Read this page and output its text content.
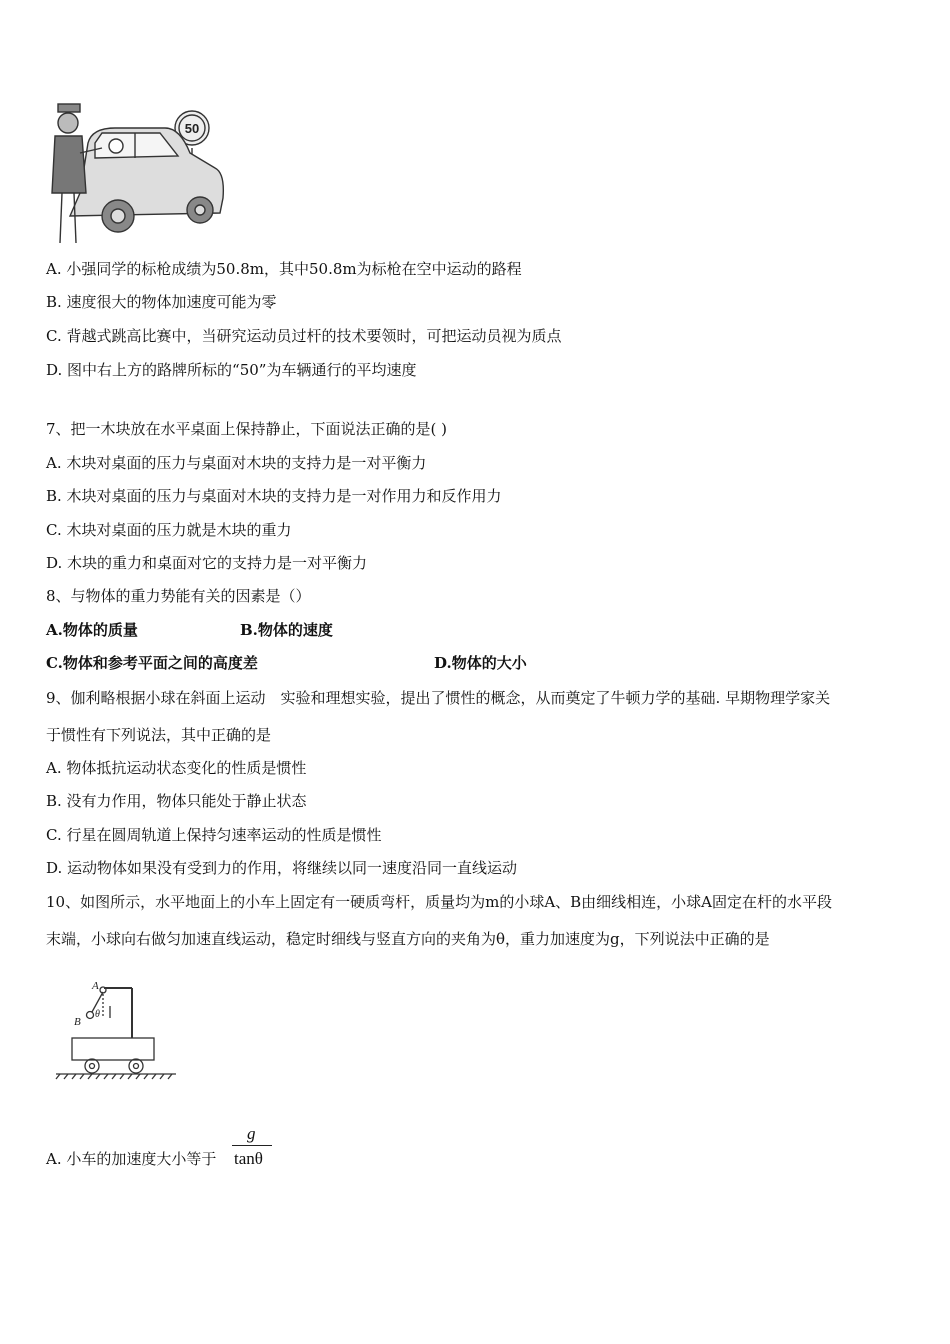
50
A. 小强同学的标枪成绩为50.8m，其中50.8m为标枪在空中运动的路程
B. 速度很大的物体加速度可能为零
C. 背越式跳高比赛中，当研究运动员过杆的技术要领时，可把运动员视为质点
D. 图中右上方的路牌所标的“50”为车辆通行的平均速度
7、把一木块放在水平桌面上保持静止，下面说法正确的是( )
A. 木块对桌面的压力与桌面对木块的支持力是一对平衡力
B. 木块对桌面的压力与桌面对木块的支持力是一对作用力和反作用力
C. 木块对桌面的压力就是木块的重力
D. 木块的重力和桌面对它的支持力是一对平衡力
8、与物体的重力势能有关的因素是（）
A.物体的质量	B.物体的速度
C.物体和参考平面之间的高度差	D.物体的大小
9、伽利略根据小球在斜面上运动　实验和理想实验，提出了惯性的概念，从而奠定了牛顿力学的基础. 早期物理学家关
于惯性有下列说法，其中正确的是
A. 物体抵抗运动状态变化的性质是惯性
B. 没有力作用，物体只能处于静止状态
C. 行星在圆周轨道上保持匀速率运动的性质是惯性
D. 运动物体如果没有受到力的作用，将继续以同一速度沿同一直线运动
10、如图所示，水平地面上的小车上固定有一硬质弯杆，质量均为m的小球A、B由细线相连，小球A固定在杆的水平段
末端，小球向右做匀加速直线运动，稳定时细线与竖直方向的夹角为θ，重力加速度为g，下列说法中正确的是
A
B
θ
A. 小车的加速度大小等于
g
tanθ
